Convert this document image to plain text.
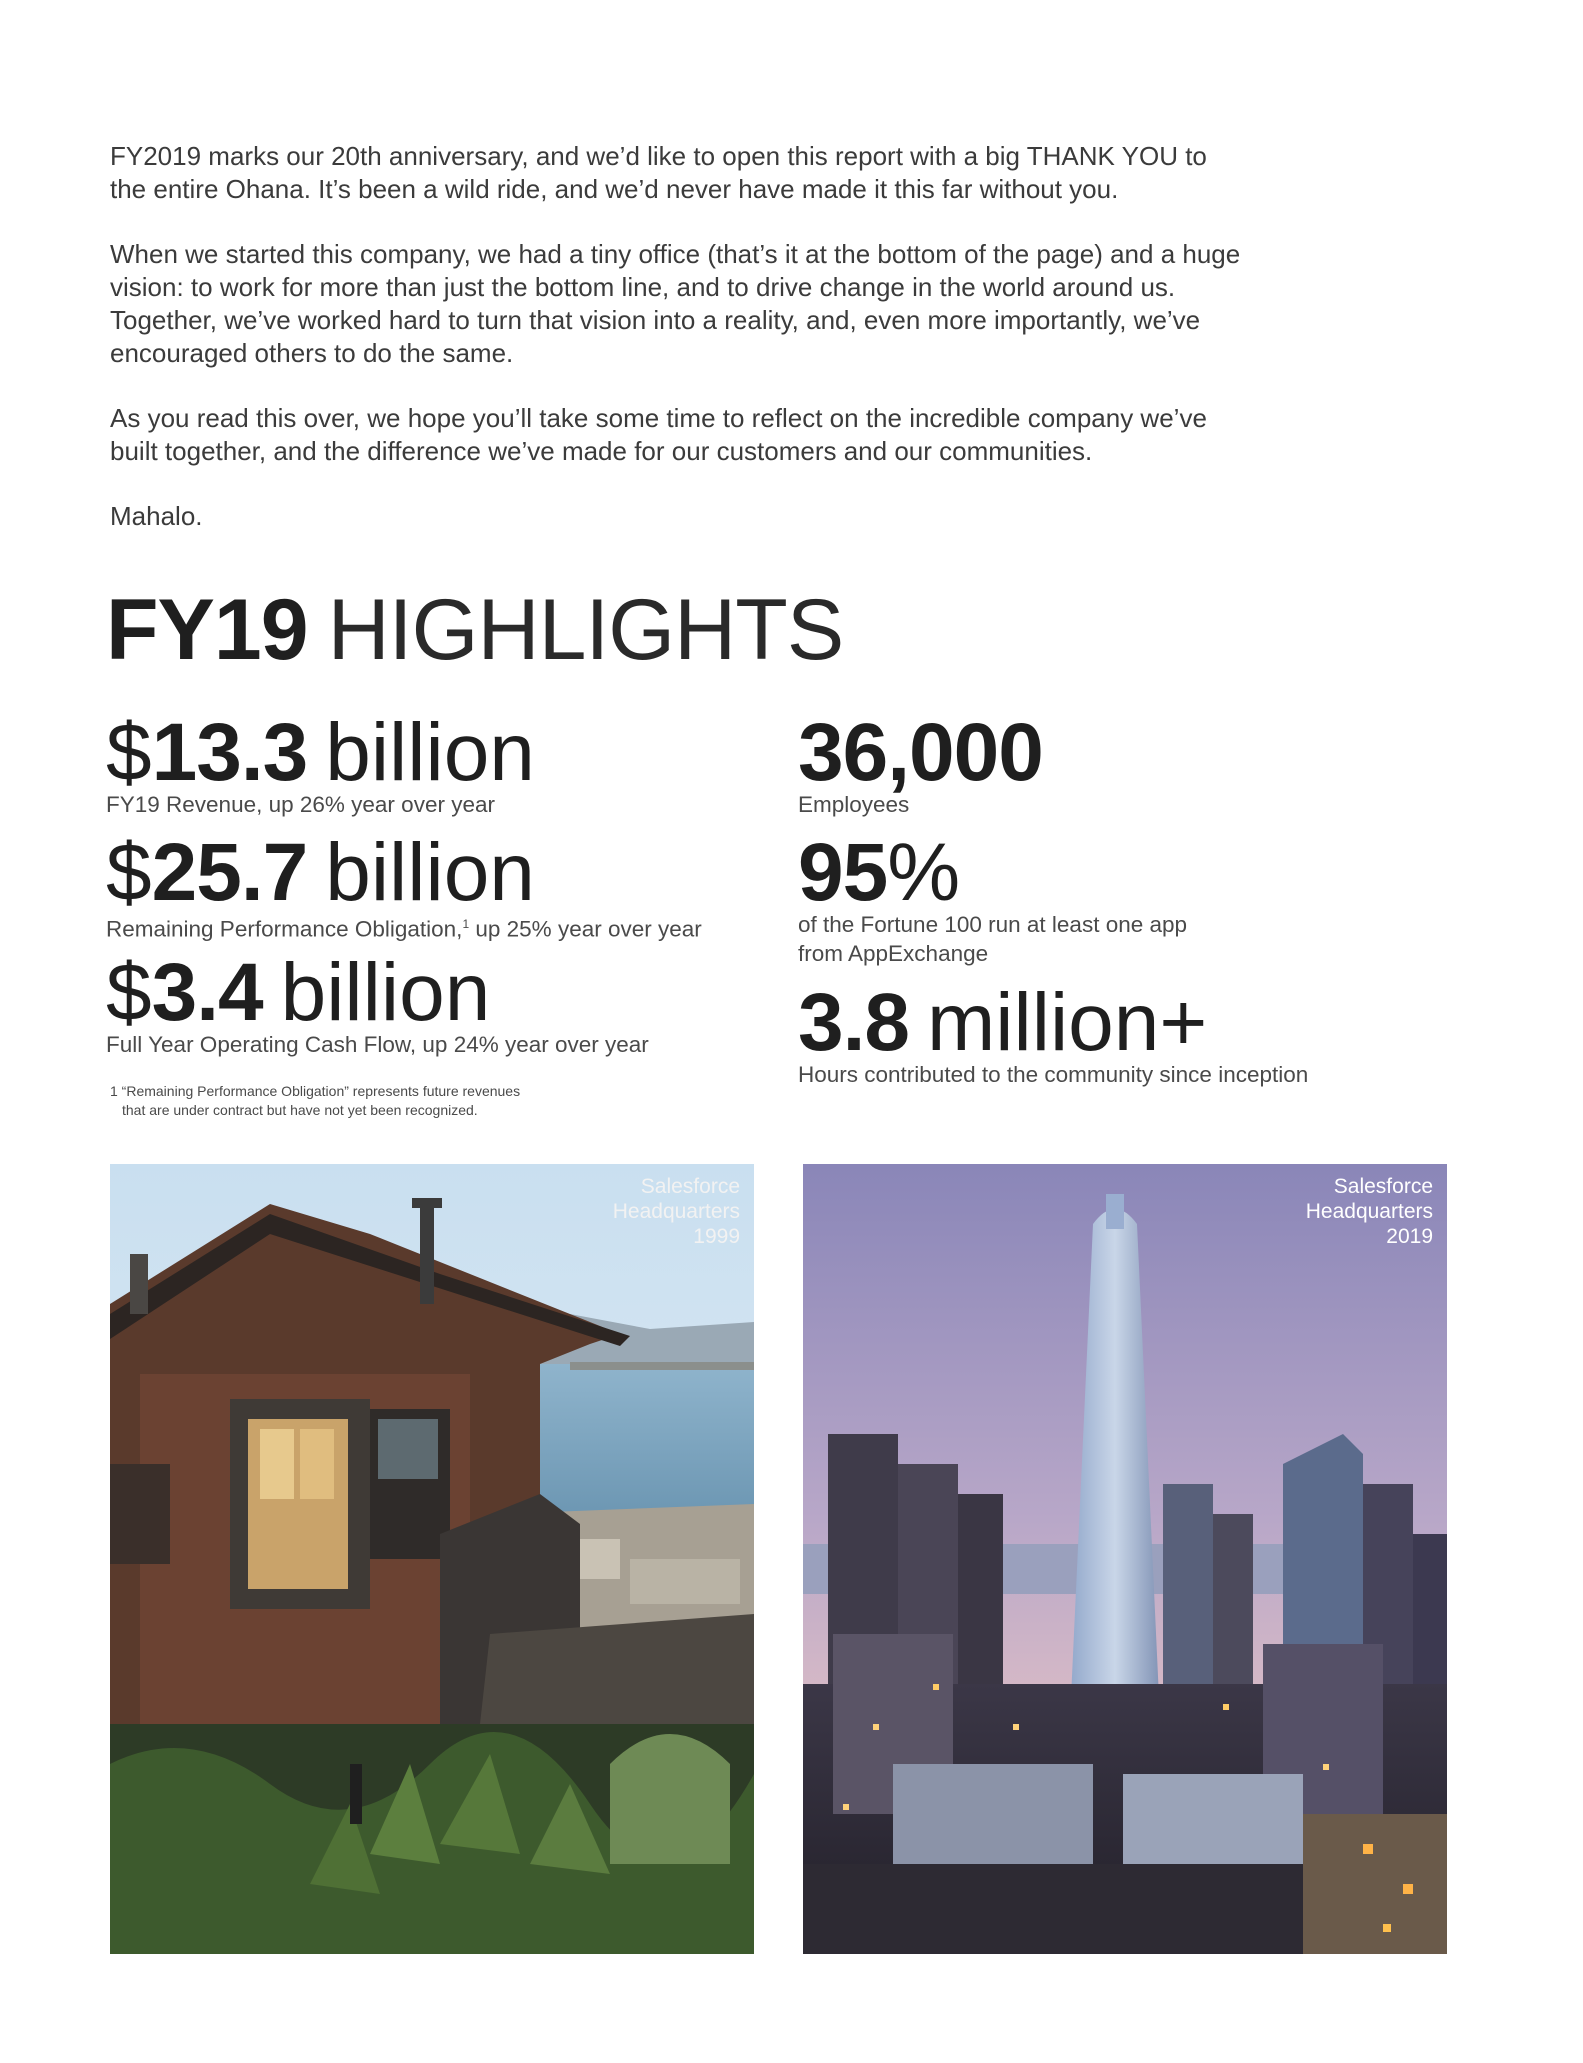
FY2019 marks our 20th anniversary, and we’d like to open this report with a big THANK YOU to the entire Ohana. It’s been a wild ride, and we’d never have made it this far without you.

When we started this company, we had a tiny office (that’s it at the bottom of the page) and a huge vision: to work for more than just the bottom line, and to drive change in the world around us. Together, we’ve worked hard to turn that vision into a reality, and, even more importantly, we’ve encouraged others to do the same.

As you read this over, we hope you’ll take some time to reflect on the incredible company we’ve built together, and the difference we’ve made for our customers and our communities.

Mahalo.

FY19 HIGHLIGHTS
$13.3 billion
FY19 Revenue, up 26% year over year
$25.7 billion
Remaining Performance Obligation,$^1$ up 25% year over year
$3.4 billion
Full Year Operating Cash Flow, up 24% year over year
1 “Remaining Performance Obligation” represents future revenues
that are under contract but have not yet been recognized.
36,000
Employees
95%
of the Fortune 100 run at least one app
from AppExchange
3.8 million+
Hours contributed to the community since inception
Salesforce
Headquarters
1999
Salesforce
Headquarters
2019
